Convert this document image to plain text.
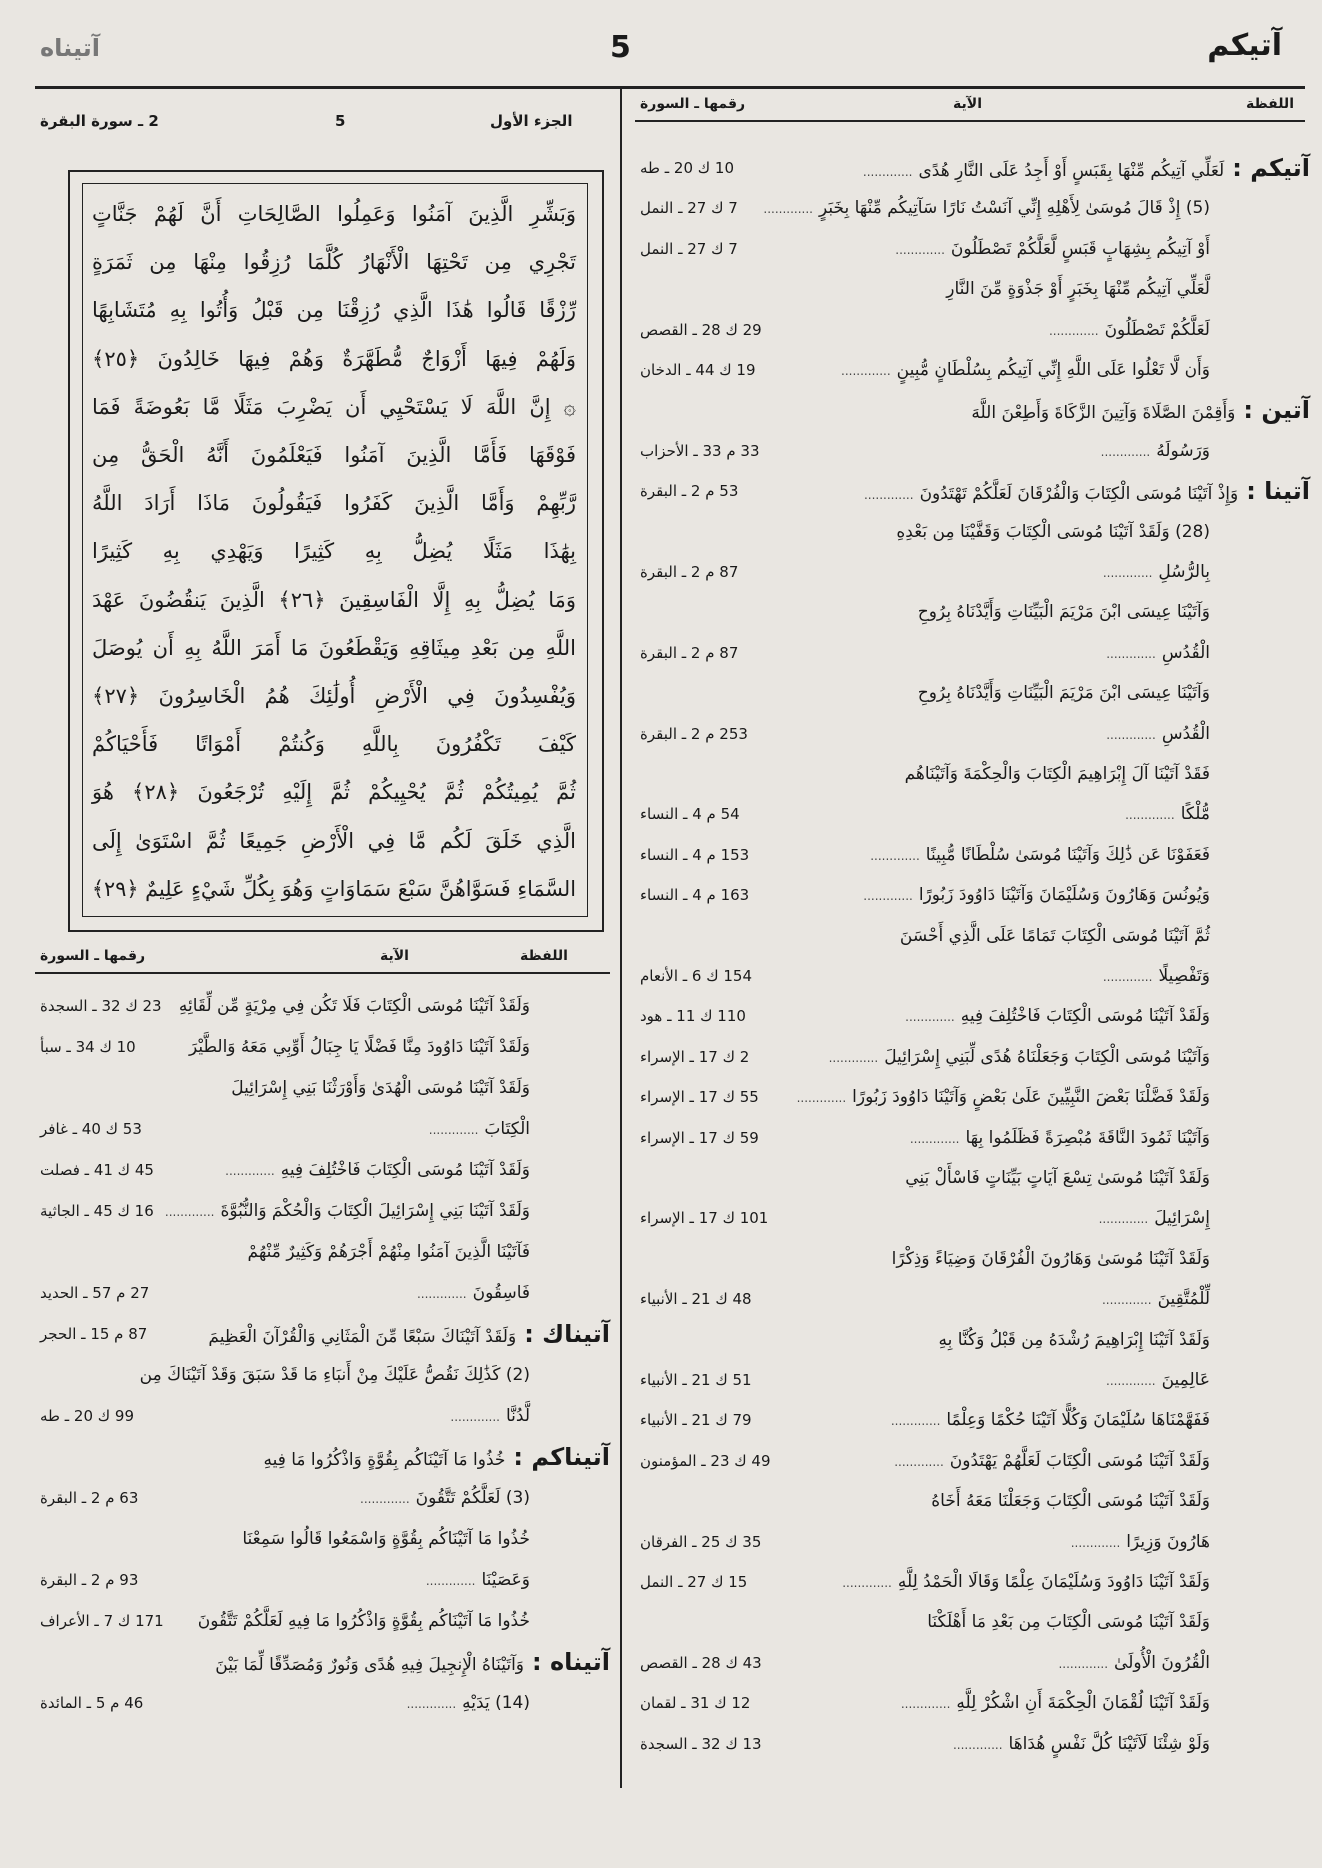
آتيكم
5
آتيناه
اللفظة
الآية
رقمها ـ السورة
الجزء الأول
5
2 ـ سورة البقرة
وَبَشِّرِ الَّذِينَ آمَنُوا وَعَمِلُوا الصَّالِحَاتِ أَنَّ لَهُمْ جَنَّاتٍ
تَجْرِي مِن تَحْتِهَا الْأَنْهَارُ كُلَّمَا رُزِقُوا مِنْهَا مِن ثَمَرَةٍ
رِّزْقًا قَالُوا هَٰذَا الَّذِي رُزِقْنَا مِن قَبْلُ وَأُتُوا بِهِ مُتَشَابِهًا
وَلَهُمْ فِيهَا أَزْوَاجٌ مُّطَهَّرَةٌ وَهُمْ فِيهَا خَالِدُونَ ﴿٢٥﴾
۞ إِنَّ اللَّهَ لَا يَسْتَحْيِي أَن يَضْرِبَ مَثَلًا مَّا بَعُوضَةً فَمَا
فَوْقَهَا فَأَمَّا الَّذِينَ آمَنُوا فَيَعْلَمُونَ أَنَّهُ الْحَقُّ مِن
رَّبِّهِمْ وَأَمَّا الَّذِينَ كَفَرُوا فَيَقُولُونَ مَاذَا أَرَادَ اللَّهُ
بِهَٰذَا مَثَلًا يُضِلُّ بِهِ كَثِيرًا وَيَهْدِي بِهِ كَثِيرًا
وَمَا يُضِلُّ بِهِ إِلَّا الْفَاسِقِينَ ﴿٢٦﴾ الَّذِينَ يَنقُضُونَ عَهْدَ
اللَّهِ مِن بَعْدِ مِيثَاقِهِ وَيَقْطَعُونَ مَا أَمَرَ اللَّهُ بِهِ أَن يُوصَلَ
وَيُفْسِدُونَ فِي الْأَرْضِ أُولَٰئِكَ هُمُ الْخَاسِرُونَ ﴿٢٧﴾
كَيْفَ تَكْفُرُونَ بِاللَّهِ وَكُنتُمْ أَمْوَاتًا فَأَحْيَاكُمْ
ثُمَّ يُمِيتُكُمْ ثُمَّ يُحْيِيكُمْ ثُمَّ إِلَيْهِ تُرْجَعُونَ ﴿٢٨﴾ هُوَ
الَّذِي خَلَقَ لَكُم مَّا فِي الْأَرْضِ جَمِيعًا ثُمَّ اسْتَوَىٰ إِلَى
السَّمَاءِ فَسَوَّاهُنَّ سَبْعَ سَمَاوَاتٍ وَهُوَ بِكُلِّ شَيْءٍ عَلِيمٌ ﴿٢٩﴾
اللفظة
الآية
رقمها ـ السورة
10 ك 20 ـ طه	آتيكم :لَعَلِّي آتِيكُم مِّنْهَا بِقَبَسٍ أَوْ أَجِدُ عَلَى النَّارِ هُدًى.............
7 ك 27 ـ النمل	(5) إِذْ قَالَ مُوسَىٰ لِأَهْلِهِ إِنِّي آنَسْتُ نَارًا سَآتِيكُم مِّنْهَا بِخَبَرٍ.............
7 ك 27 ـ النمل	أَوْ آتِيكُم بِشِهَابٍ قَبَسٍ لَّعَلَّكُمْ تَصْطَلُونَ.............
لَّعَلِّي آتِيكُم مِّنْهَا بِخَبَرٍ أَوْ جَذْوَةٍ مِّنَ النَّارِ
29 ك 28 ـ القصص	لَعَلَّكُمْ تَصْطَلُونَ.............
19 ك 44 ـ الدخان	وَأَن لَّا تَعْلُوا عَلَى اللَّهِ إِنِّي آتِيكُم بِسُلْطَانٍ مُّبِينٍ.............
آتين :وَأَقِمْنَ الصَّلَاةَ وَآتِينَ الزَّكَاةَ وَأَطِعْنَ اللَّهَ
33 م 33 ـ الأحزاب	وَرَسُولَهُ.............
53 م 2 ـ البقرة	آتينا :وَإِذْ آتَيْنَا مُوسَى الْكِتَابَ وَالْفُرْقَانَ لَعَلَّكُمْ تَهْتَدُونَ.............
(28) وَلَقَدْ آتَيْنَا مُوسَى الْكِتَابَ وَقَفَّيْنَا مِن بَعْدِهِ
87 م 2 ـ البقرة	بِالرُّسُلِ.............
وَآتَيْنَا عِيسَى ابْنَ مَرْيَمَ الْبَيِّنَاتِ وَأَيَّدْنَاهُ بِرُوحِ
87 م 2 ـ البقرة	الْقُدُسِ.............
وَآتَيْنَا عِيسَى ابْنَ مَرْيَمَ الْبَيِّنَاتِ وَأَيَّدْنَاهُ بِرُوحِ
253 م 2 ـ البقرة	الْقُدُسِ.............
فَقَدْ آتَيْنَا آلَ إِبْرَاهِيمَ الْكِتَابَ وَالْحِكْمَةَ وَآتَيْنَاهُم
54 م 4 ـ النساء	مُّلْكًا.............
153 م 4 ـ النساء	فَعَفَوْنَا عَن ذَٰلِكَ وَآتَيْنَا مُوسَىٰ سُلْطَانًا مُّبِينًا.............
163 م 4 ـ النساء	وَيُونُسَ وَهَارُونَ وَسُلَيْمَانَ وَآتَيْنَا دَاوُودَ زَبُورًا.............
ثُمَّ آتَيْنَا مُوسَى الْكِتَابَ تَمَامًا عَلَى الَّذِي أَحْسَنَ
154 ك 6 ـ الأنعام	وَتَفْصِيلًا.............
110 ك 11 ـ هود	وَلَقَدْ آتَيْنَا مُوسَى الْكِتَابَ فَاخْتُلِفَ فِيهِ.............
2 ك 17 ـ الإسراء	وَآتَيْنَا مُوسَى الْكِتَابَ وَجَعَلْنَاهُ هُدًى لِّبَنِي إِسْرَائِيلَ.............
55 ك 17 ـ الإسراء	وَلَقَدْ فَضَّلْنَا بَعْضَ النَّبِيِّينَ عَلَىٰ بَعْضٍ وَآتَيْنَا دَاوُودَ زَبُورًا.............
59 ك 17 ـ الإسراء	وَآتَيْنَا ثَمُودَ النَّاقَةَ مُبْصِرَةً فَظَلَمُوا بِهَا.............
وَلَقَدْ آتَيْنَا مُوسَىٰ تِسْعَ آيَاتٍ بَيِّنَاتٍ فَاسْأَلْ بَنِي
101 ك 17 ـ الإسراء	إِسْرَائِيلَ.............
وَلَقَدْ آتَيْنَا مُوسَىٰ وَهَارُونَ الْفُرْقَانَ وَضِيَاءً وَذِكْرًا
48 ك 21 ـ الأنبياء	لِّلْمُتَّقِينَ.............
وَلَقَدْ آتَيْنَا إِبْرَاهِيمَ رُشْدَهُ مِن قَبْلُ وَكُنَّا بِهِ
51 ك 21 ـ الأنبياء	عَالِمِينَ.............
79 ك 21 ـ الأنبياء	فَفَهَّمْنَاهَا سُلَيْمَانَ وَكُلًّا آتَيْنَا حُكْمًا وَعِلْمًا.............
49 ك 23 ـ المؤمنون	وَلَقَدْ آتَيْنَا مُوسَى الْكِتَابَ لَعَلَّهُمْ يَهْتَدُونَ.............
وَلَقَدْ آتَيْنَا مُوسَى الْكِتَابَ وَجَعَلْنَا مَعَهُ أَخَاهُ
35 ك 25 ـ الفرقان	هَارُونَ وَزِيرًا.............
15 ك 27 ـ النمل	وَلَقَدْ آتَيْنَا دَاوُودَ وَسُلَيْمَانَ عِلْمًا وَقَالَا الْحَمْدُ لِلَّهِ.............
وَلَقَدْ آتَيْنَا مُوسَى الْكِتَابَ مِن بَعْدِ مَا أَهْلَكْنَا
43 ك 28 ـ القصص	الْقُرُونَ الْأُولَىٰ.............
12 ك 31 ـ لقمان	وَلَقَدْ آتَيْنَا لُقْمَانَ الْحِكْمَةَ أَنِ اشْكُرْ لِلَّهِ.............
13 ك 32 ـ السجدة	وَلَوْ شِئْنَا لَآتَيْنَا كُلَّ نَفْسٍ هُدَاهَا.............
23 ك 32 ـ السجدة وَلَقَدْ آتَيْنَا مُوسَى الْكِتَابَ فَلَا تَكُن فِي مِرْيَةٍ مِّن لِّقَائِهِ
10 ك 34 ـ سبأ	وَلَقَدْ آتَيْنَا دَاوُودَ مِنَّا فَضْلًا يَا جِبَالُ أَوِّبِي مَعَهُ وَالطَّيْرَ
وَلَقَدْ آتَيْنَا مُوسَى الْهُدَىٰ وَأَوْرَثْنَا بَنِي إِسْرَائِيلَ
53 ك 40 ـ غافر	الْكِتَابَ.............
45 ك 41 ـ فصلت	وَلَقَدْ آتَيْنَا مُوسَى الْكِتَابَ فَاخْتُلِفَ فِيهِ.............
16 ك 45 ـ الجاثية	وَلَقَدْ آتَيْنَا بَنِي إِسْرَائِيلَ الْكِتَابَ وَالْحُكْمَ وَالنُّبُوَّةَ.............
فَآتَيْنَا الَّذِينَ آمَنُوا مِنْهُمْ أَجْرَهُمْ وَكَثِيرٌ مِّنْهُمْ
27 م 57 ـ الحديد	فَاسِقُونَ.............
87 م 15 ـ الحجر	آتيناك :وَلَقَدْ آتَيْنَاكَ سَبْعًا مِّنَ الْمَثَانِي وَالْقُرْآنَ الْعَظِيمَ
(2) كَذَٰلِكَ نَقُصُّ عَلَيْكَ مِنْ أَنبَاءِ مَا قَدْ سَبَقَ وَقَدْ آتَيْنَاكَ مِن
99 ك 20 ـ طه	لَّدُنَّا.............
آتيناكم :خُذُوا مَا آتَيْنَاكُم بِقُوَّةٍ وَاذْكُرُوا مَا فِيهِ
63 م 2 ـ البقرة	(3) لَعَلَّكُمْ تَتَّقُونَ.............
خُذُوا مَا آتَيْنَاكُم بِقُوَّةٍ وَاسْمَعُوا قَالُوا سَمِعْنَا
93 م 2 ـ البقرة	وَعَصَيْنَا.............
171 ك 7 ـ الأعراف خُذُوا مَا آتَيْنَاكُم بِقُوَّةٍ وَاذْكُرُوا مَا فِيهِ لَعَلَّكُمْ تَتَّقُونَ
آتيناه :وَآتَيْنَاهُ الْإِنجِيلَ فِيهِ هُدًى وَنُورٌ وَمُصَدِّقًا لِّمَا بَيْنَ
46 م 5 ـ المائدة	(14) يَدَيْهِ.............
